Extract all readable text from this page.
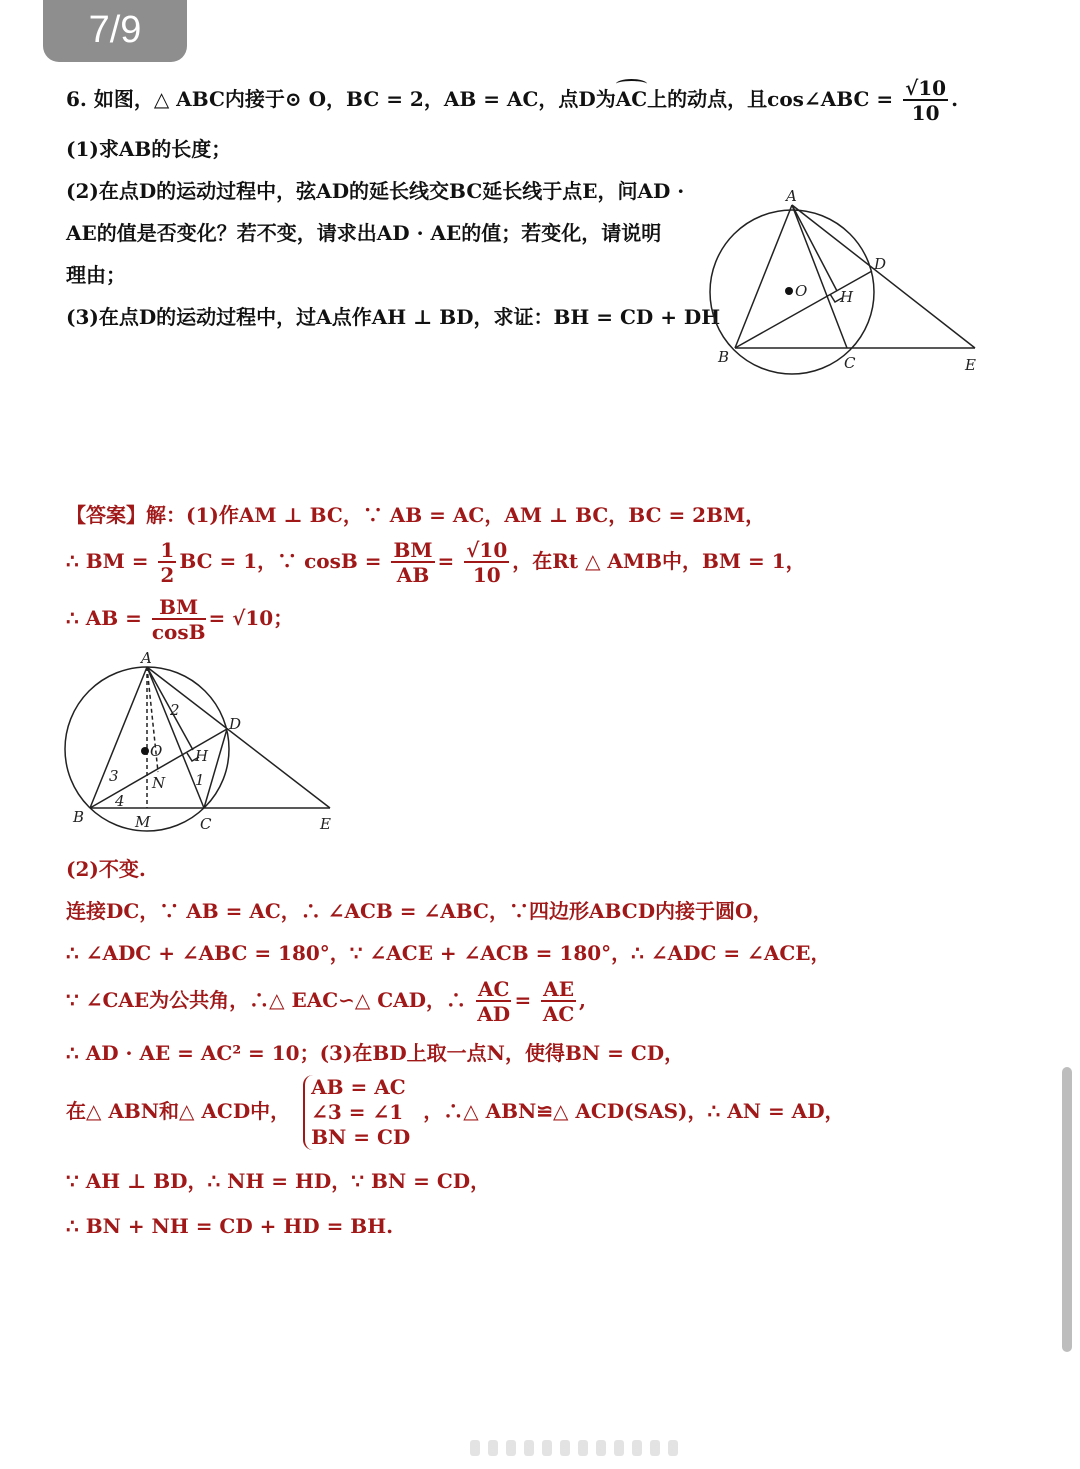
7/9
6. 如图，△ ABC内接于⊙ O，BC = 2，AB = AC，点D为
AC上的动点，且cos∠ABC = $\frac{√10}{10}$ .
(1)求AB的长度；
(2)在点D的运动过程中，弦AD的延长线交BC延长线于点E，问AD ·
AE的值是否变化？若不变，请求出AD · AE的值；若变化，请说明
理由；
(3)在点D的运动过程中，过A点作AH ⊥ BD，求证：BH = CD + DH
A
B	C
D
E
H
O
【答案】解：(1)作AM ⊥ BC，∵ AB = AC，AM ⊥ BC，BC = 2BM，
∴ BM = $\frac{1}{2}$ BC = 1，∵ $\cos B = \frac{BM}{AB} = \frac{√10}{10}$ ，在Rt △ AMB中，BM = 1，
∴ AB = $\frac{BM}{\cos B} = √10$；
A
B	C
D
E
H
O
M
N 1
2
3
4
(2)不变.
连接DC，∵ AB = AC，∴ ∠ACB = ∠ABC，∵四边形ABCD内接于圆O，
∴ ∠ADC + ∠ABC = 180°，∵ ∠ACE + ∠ACB = 180°，∴ ∠ADC = ∠ACE，
∵ ∠CAE为公共角，∴△ EAC∽△ CAD，∴ $\frac{AC}{AD} = \frac{AE}{AC}$ ,
∴ AD · AE = AC² = 10；(3)在BD上取一点N，使得BN = CD，
在△ ABN和△ ACD中，
AB = AC
∠3 = ∠1
BN = CD
，∴△ ABN≌△ ACD(SAS)，∴ AN = AD，
∵ AH ⊥ BD，∴ NH = HD，∵ BN = CD，
∴ BN + NH = CD + HD = BH.
